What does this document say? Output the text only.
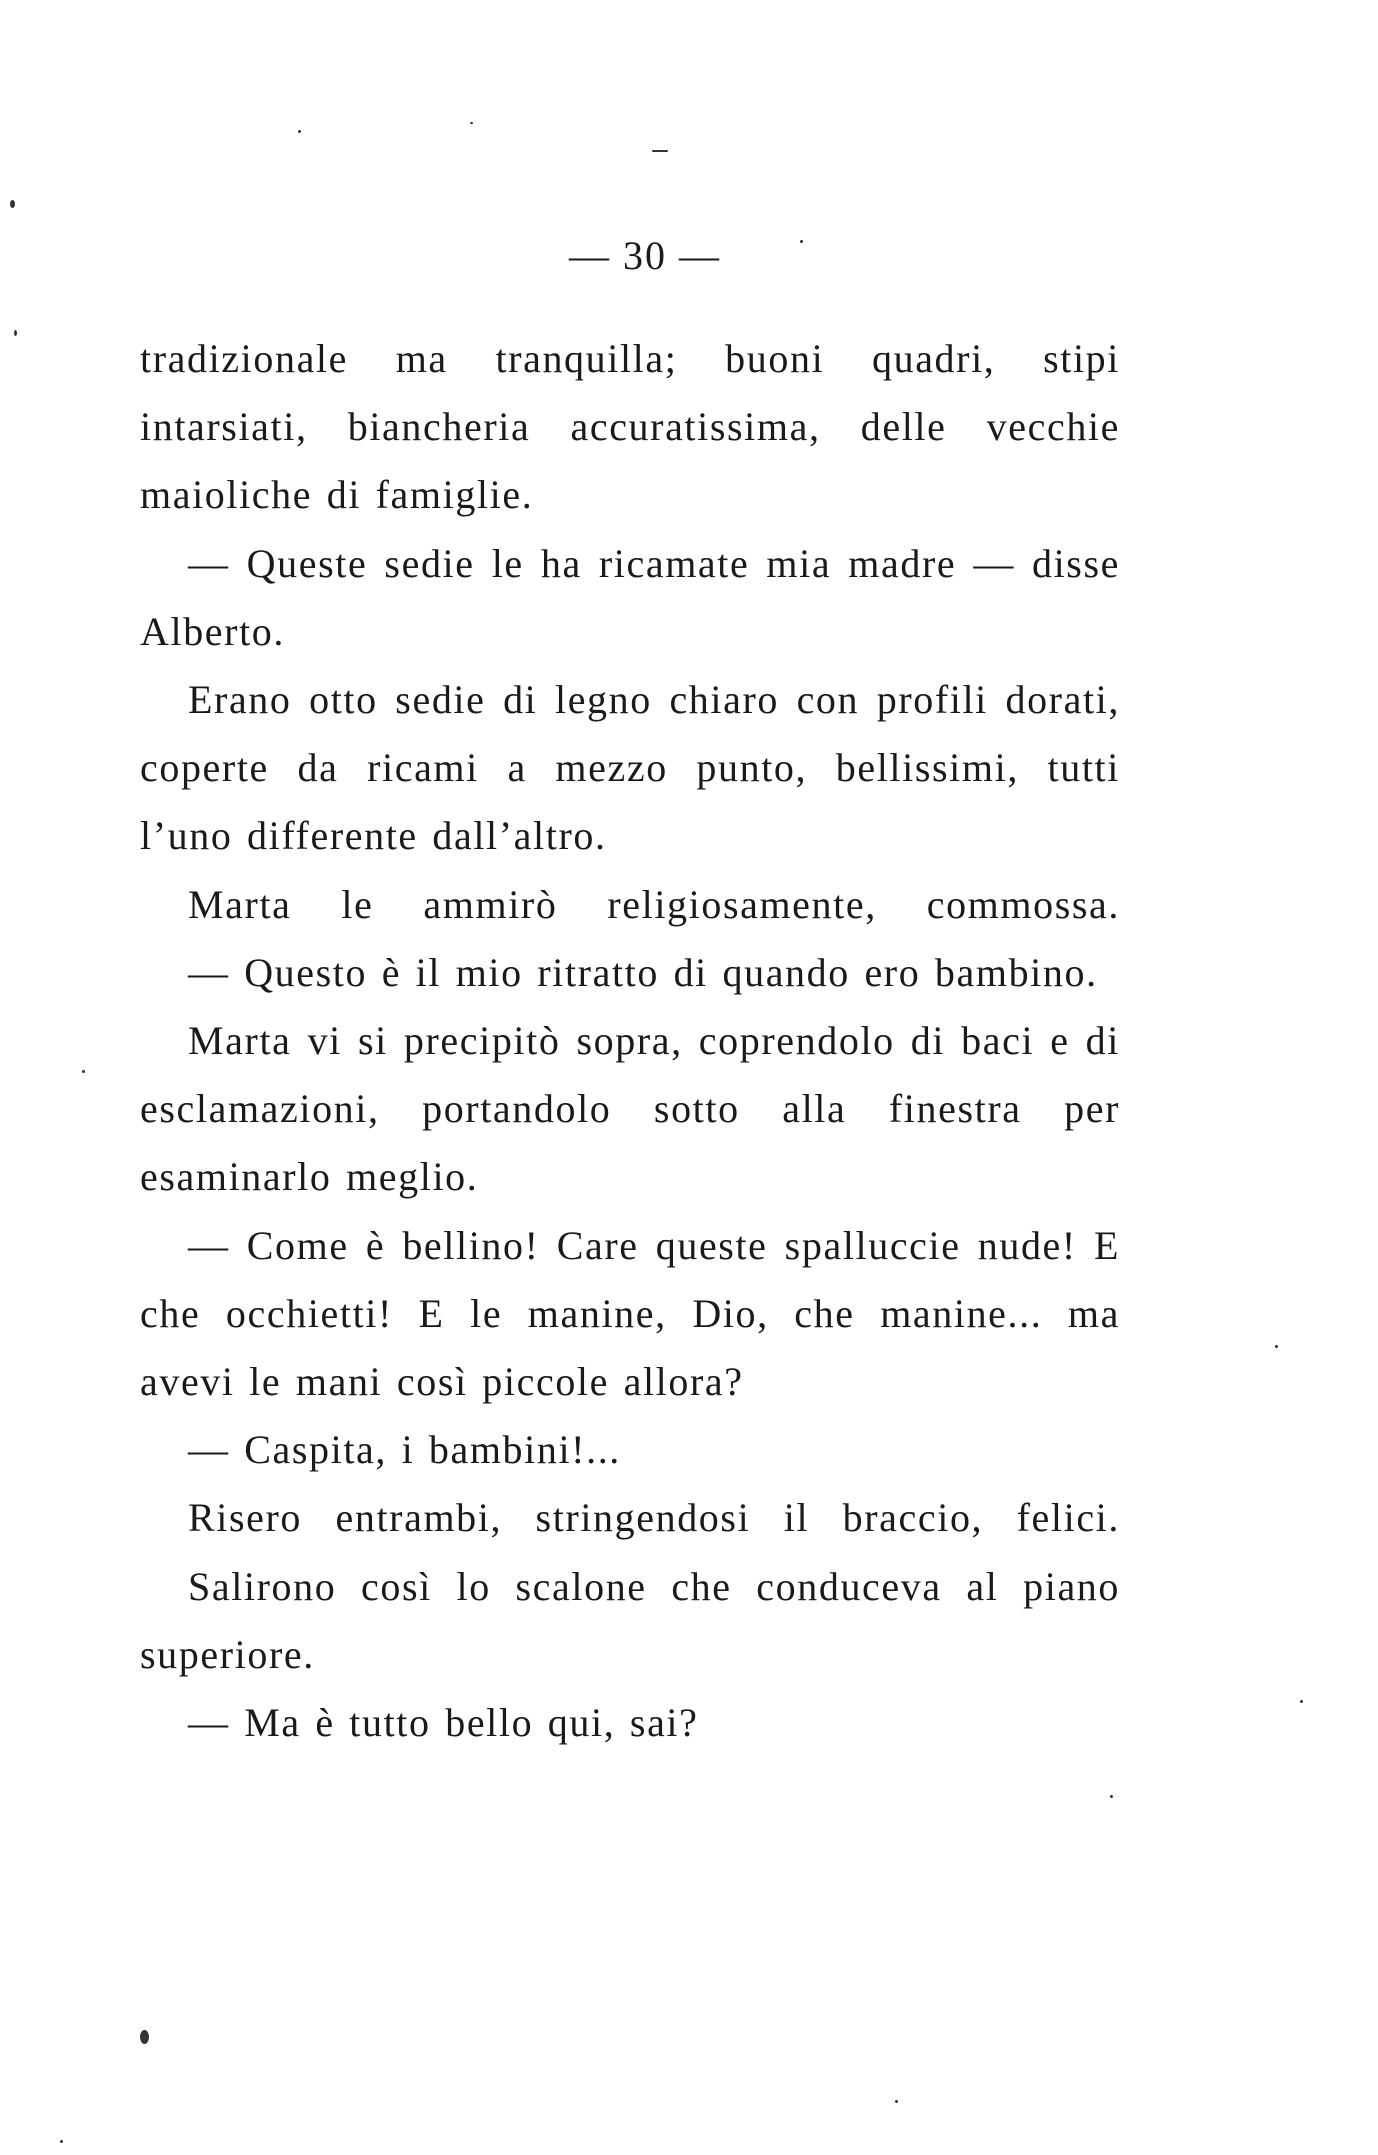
— 30 —

tradizionale ma tranquilla; buoni quadri, stipi intarsiati, biancheria accuratissima, delle vecchie maioliche di famiglie.

— Queste sedie le ha ricamate mia madre — disse Alberto.

Erano otto sedie di legno chiaro con profili dorati, coperte da ricami a mezzo punto, bellissimi, tutti l’uno differente dall’altro.

Marta le ammirò religiosamente, commossa.

— Questo è il mio ritratto di quando ero bambino.

Marta vi si precipitò sopra, coprendolo di baci e di esclamazioni, portandolo sotto alla finestra per esaminarlo meglio.

— Come è bellino! Care queste spalluccie nude! E che occhietti! E le manine, Dio, che manine... ma avevi le mani così piccole allora?

— Caspita, i bambini!...

Risero entrambi, stringendosi il braccio, felici.

Salirono così lo scalone che conduceva al piano superiore.

— Ma è tutto bello qui, sai?
